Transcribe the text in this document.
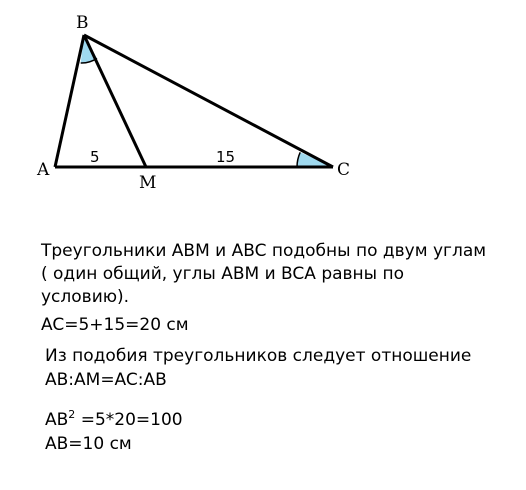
B
A
M
C
5	15
Треугольники ABM и ABC подобны по двум углам
( один общий, углы ABM и BCA равны по
условию).
AC=5+15=20 см
Из подобия треугольников следует отношение
AB:AM=AC:AB
$AB^2 =5*20=100$
AB=10 см
